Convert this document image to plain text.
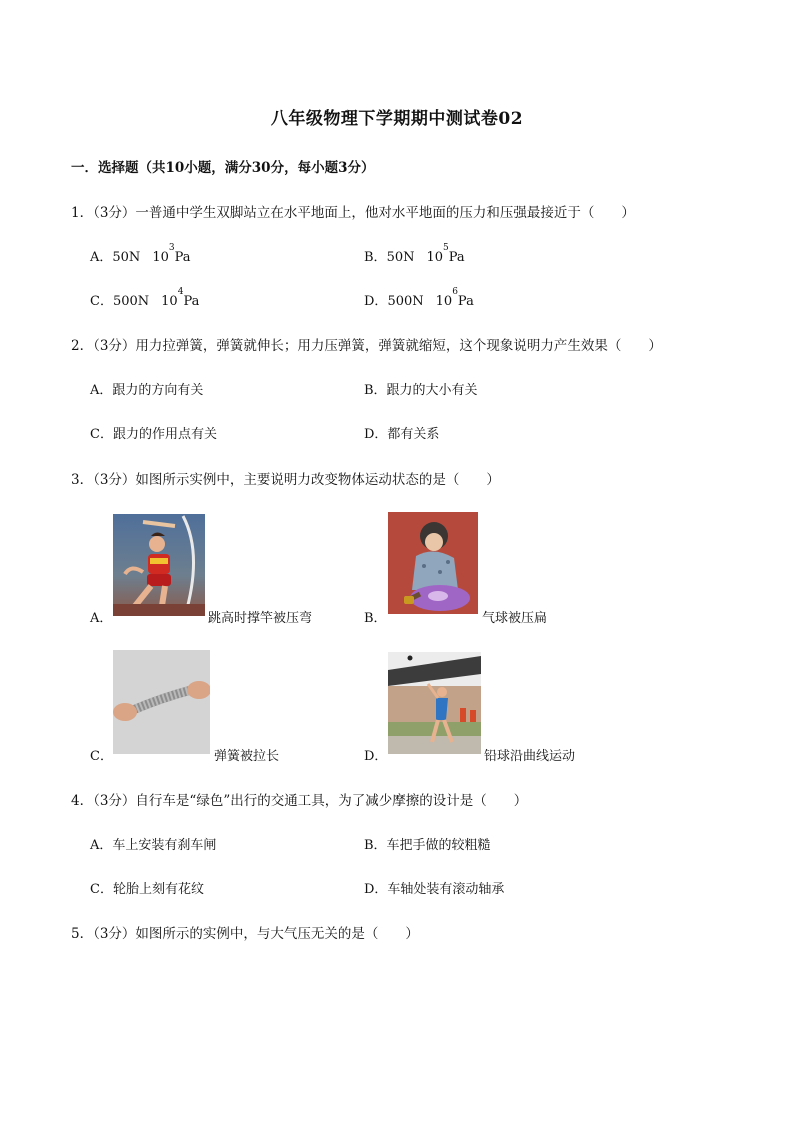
八年级物理下学期期中测试卷02
一．选择题（共10小题，满分30分，每小题3分）
1．（3分）一普通中学生双脚站立在水平地面上，他对水平地面的压力和压强最接近于（　　）
A．50N $10^3Pa$	B．50N $10^5Pa$
C．500N $10^4Pa$	D．500N $10^6Pa$
2．（3分）用力拉弹簧，弹簧就伸长；用力压弹簧，弹簧就缩短，这个现象说明力产生效果（　　）
A．跟力的方向有关	B．跟力的大小有关
C．跟力的作用点有关	D．都有关系
3．（3分）如图所示实例中，主要说明力改变物体运动状态的是（　　）
A．	跳高时撑竿被压弯	B．	气球被压扁
C．	弹簧被拉长	D．	铅球沿曲线运动
4．（3分）自行车是“绿色”出行的交通工具，为了减少摩擦的设计是（　　）
A．车上安装有刹车闸	B．车把手做的较粗糙
C．轮胎上刻有花纹	D．车轴处装有滚动轴承
5．（3分）如图所示的实例中，与大气压无关的是（　　）
